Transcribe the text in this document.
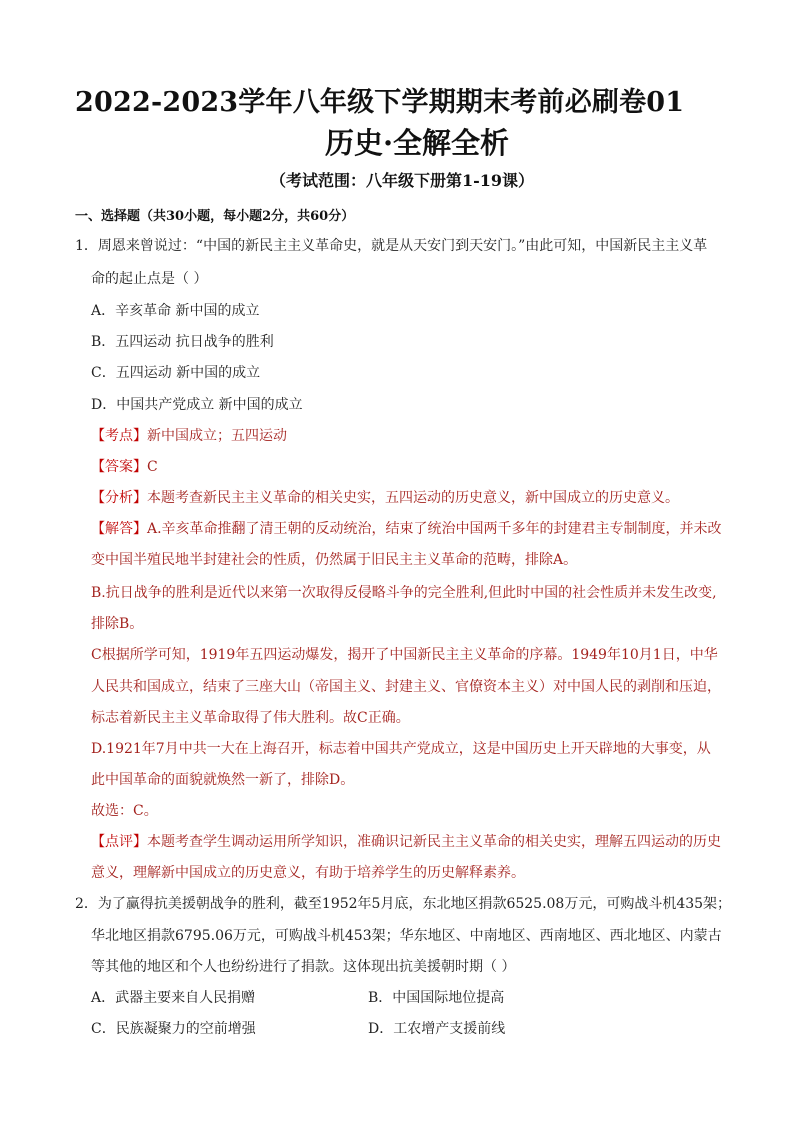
2022-2023学年八年级下学期期末考前必刷卷01
历史·全解全析
（考试范围：八年级下册第1-19课）
一、选择题（共30小题，每小题2分，共60分）
1．周恩来曾说过：“中国的新民主主义革命史，就是从天安门到天安门。”由此可知，中国新民主主义革
命的起止点是（ ）
A．辛亥革命 新中国的成立
B．五四运动 抗日战争的胜利
C．五四运动 新中国的成立
D．中国共产党成立 新中国的成立
【考点】新中国成立；五四运动
【答案】C
【分析】本题考查新民主主义革命的相关史实，五四运动的历史意义，新中国成立的历史意义。
【解答】A.辛亥革命推翻了清王朝的反动统治，结束了统治中国两千多年的封建君主专制制度，并未改
变中国半殖民地半封建社会的性质，仍然属于旧民主主义革命的范畴，排除A。
B.抗日战争的胜利是近代以来第一次取得反侵略斗争的完全胜利,但此时中国的社会性质并未发生改变,
排除B。
C根据所学可知，1919年五四运动爆发，揭开了中国新民主主义革命的序幕。1949年10月1日，中华
人民共和国成立，结束了三座大山（帝国主义、封建主义、官僚资本主义）对中国人民的剥削和压迫，
标志着新民主主义革命取得了伟大胜利。故C正确。
D.1921年7月中共一大在上海召开，标志着中国共产党成立，这是中国历史上开天辟地的大事变，从
此中国革命的面貌就焕然一新了，排除D。
故选：C。
【点评】本题考查学生调动运用所学知识，准确识记新民主主义革命的相关史实，理解五四运动的历史
意义，理解新中国成立的历史意义，有助于培养学生的历史解释素养。
2．为了赢得抗美援朝战争的胜利，截至1952年5月底，东北地区捐款6525.08万元，可购战斗机435架；
华北地区捐款6795.06万元，可购战斗机453架；华东地区、中南地区、西南地区、西北地区、内蒙古
等其他的地区和个人也纷纷进行了捐款。这体现出抗美援朝时期（ ）
A．武器主要来自人民捐赠	B．中国国际地位提高
C．民族凝聚力的空前增强	D．工农增产支援前线
